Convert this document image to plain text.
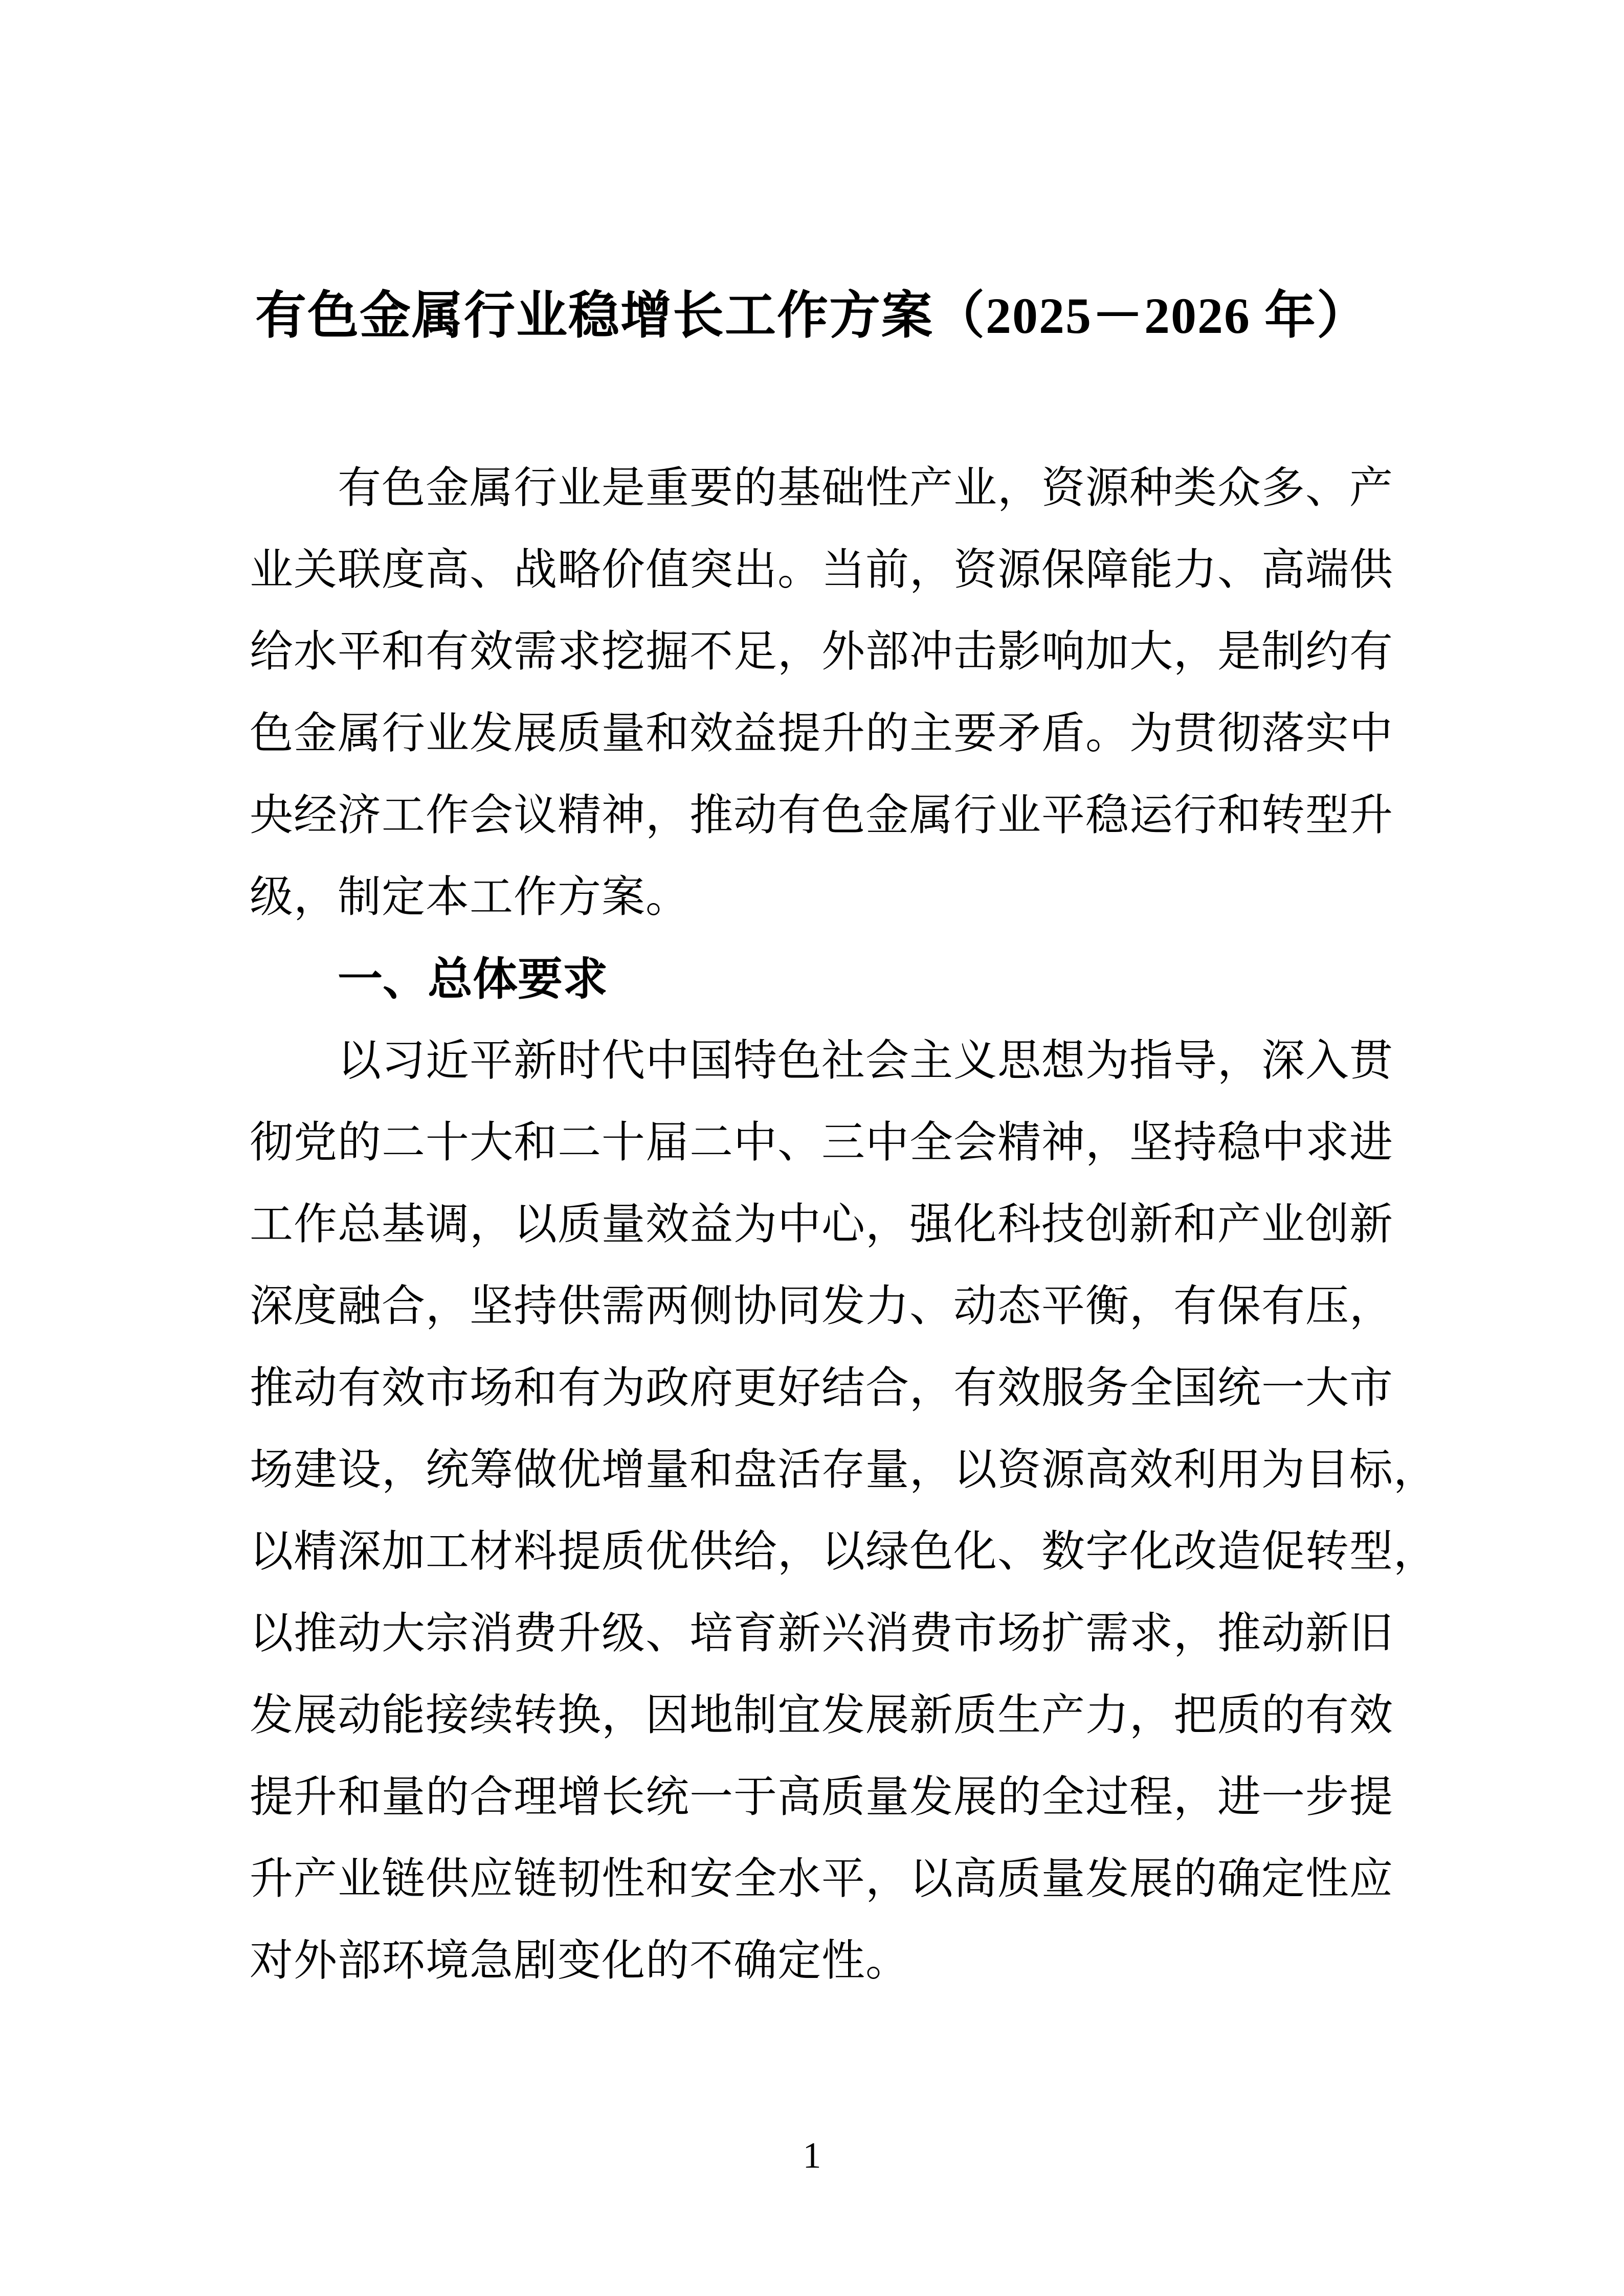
有色金属行业稳增长工作方案（2025－2026 年）
有色金属行业是重要的基础性产业，资源种类众多、产
业关联度高、战略价值突出。当前，资源保障能力、高端供
给水平和有效需求挖掘不足，外部冲击影响加大，是制约有
色金属行业发展质量和效益提升的主要矛盾。为贯彻落实中
央经济工作会议精神，推动有色金属行业平稳运行和转型升
级，制定本工作方案。
一、总体要求
以习近平新时代中国特色社会主义思想为指导，深入贯
彻党的二十大和二十届二中、三中全会精神，坚持稳中求进
工作总基调，以质量效益为中心，强化科技创新和产业创新
深度融合，坚持供需两侧协同发力、动态平衡，有保有压，
推动有效市场和有为政府更好结合，有效服务全国统一大市
场建设，统筹做优增量和盘活存量，以资源高效利用为目标，
以精深加工材料提质优供给，以绿色化、数字化改造促转型，
以推动大宗消费升级、培育新兴消费市场扩需求，推动新旧
发展动能接续转换，因地制宜发展新质生产力，把质的有效
提升和量的合理增长统一于高质量发展的全过程，进一步提
升产业链供应链韧性和安全水平，以高质量发展的确定性应
对外部环境急剧变化的不确定性。
1
